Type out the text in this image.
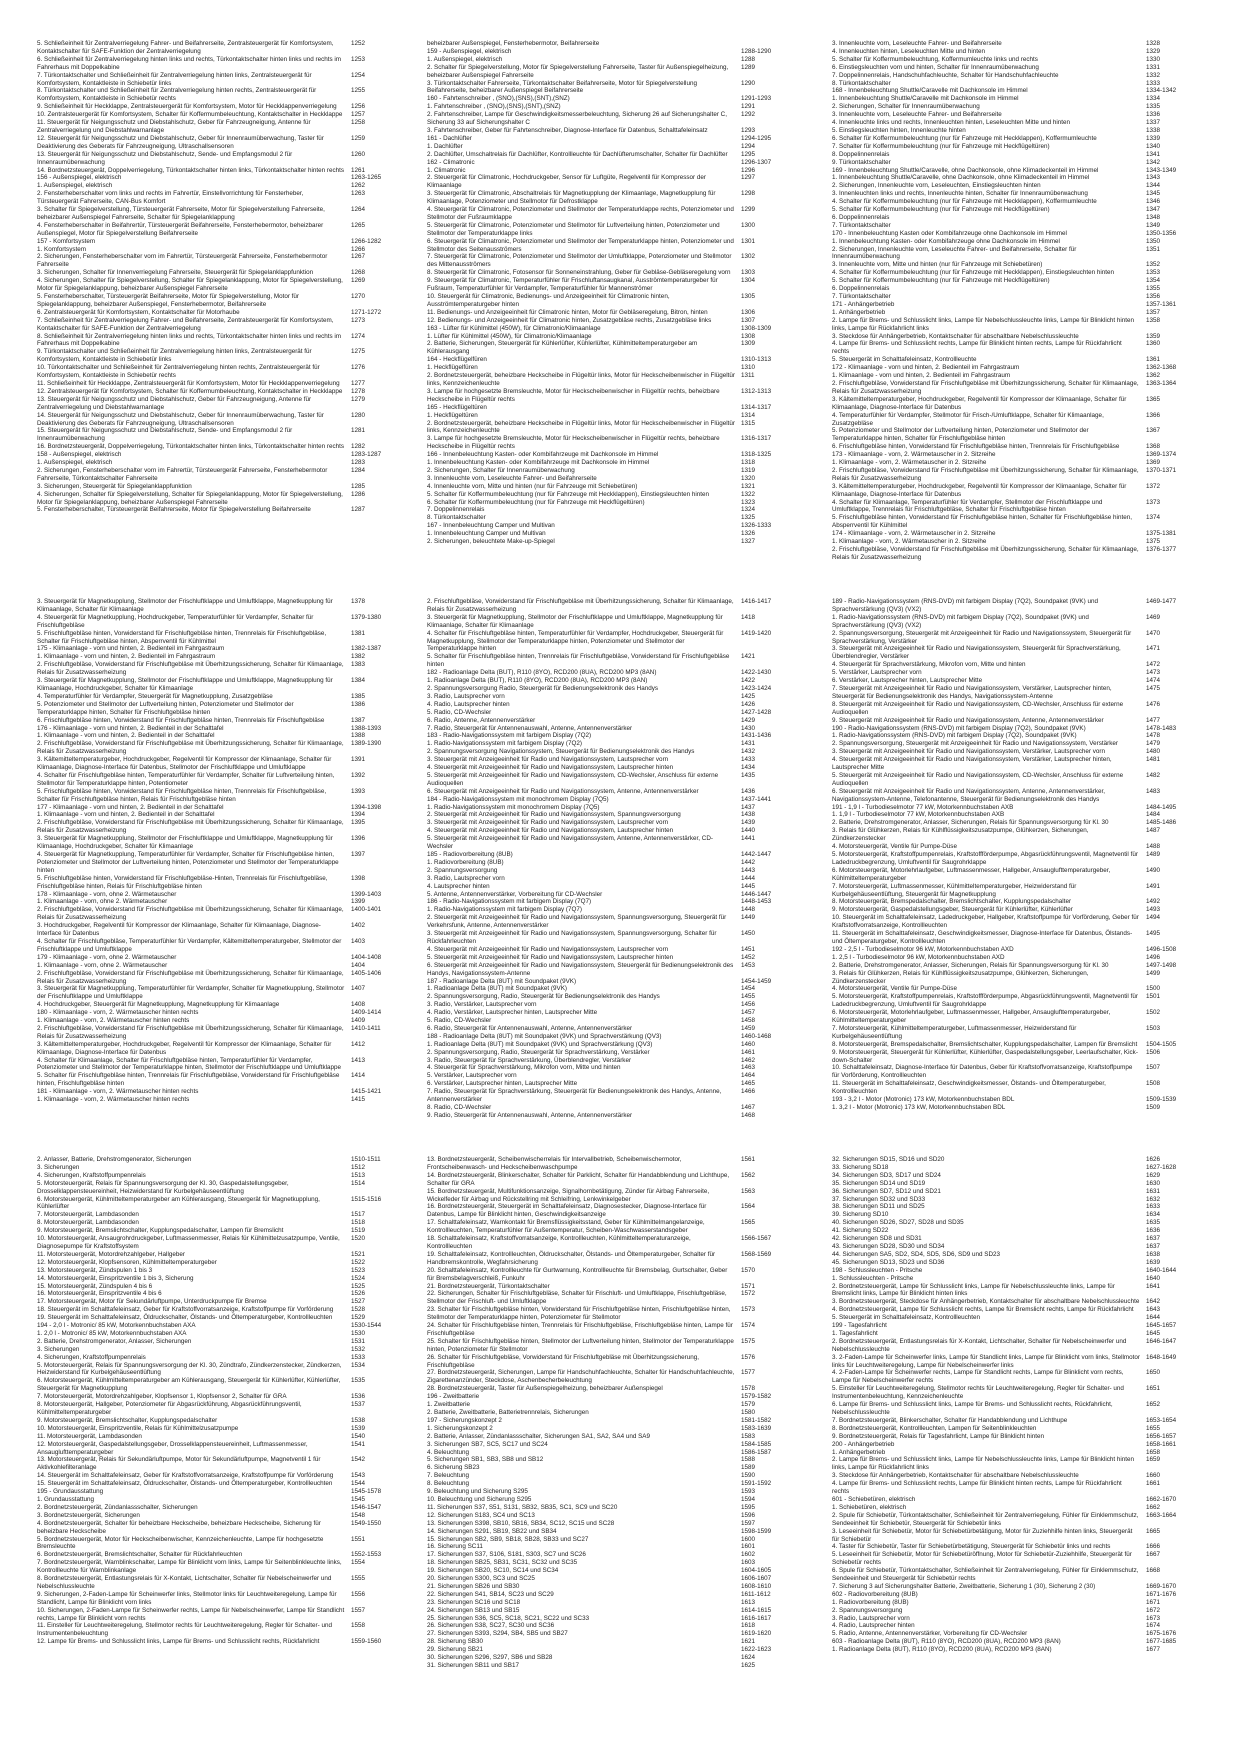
5. Schließeinheit für Zentralverriegelung Fahrer- und Beifahrerseite, Zentralsteuergerät für Komfortsystem, Kontaktschalter für SAFE-Funktion der Zentralverriegelung
1252
6. Schließeinheit für Zentralverriegelung hinten links und rechts, Türkontaktschalter hinten links und rechts im Fahrerhaus mit Doppelkabine
1253
7. Türkontaktschalter und Schließeinheit für Zentralverriegelung hinten links, Zentralsteuergerät für Komfortsystem, Kontaktleiste in Schiebetür links
1254
8. Türkontaktschalter und Schließeinheit für Zentralverriegelung hinten rechts, Zentralsteuergerät für Komfortsystem, Kontaktleiste in Schiebetür rechts
1255
9. Schließeinheit für Heckklappe, Zentralsteuergerät für Komfortsystem, Motor für Heckklappenverriegelung	1256
10. Zentralsteuergerät für Komfortsystem, Schalter für Koffermumbeleuchtung, Kontaktschalter in Heckklappe	1257
11. Steuergerät für Neigungsschutz und Diebstahlschutz, Geber für Fahrzeugneigung, Antenne für Zentralverriegelung und Diebstahlwarnanlage
1258
12. Steuergerät für Neigungsschutz und Diebstahlschutz, Geber für Innenraumüberwachung, Taster für Deaktivierung des Geberats für Fahrzeugneigung, Ultraschallsensoren
1259
13. Steuergerät für Neigungsschutz und Diebstahlschutz, Sende- und Empfangsmodul 2 für Innenraumüberwachung
1260
14. Bordnetzsteuergerät, Doppelverriegelung, Türkontaktschalter hinten links, Türkontaktschalter hinten rechts	1261
156 - Außenspiegel, elektrisch	1263-1265
1. Außenspiegel, elektrisch	1262
2. Fensterheberschalter vorn links und rechts im Fahrertür, Einstellvorrichtung für Fensterheber, Türsteuergerät Fahrerseite, CAN-Bus Komfort
1263
3. Schalter für Spiegelverstellung, Türsteuergerät Fahrerseite, Motor für Spiegelverstellung Fahrerseite, beheizbarer Außenspiegel Fahrerseite, Schalter für Spiegelanklappung
1264
4. Fensterheberschalter in Beifahrertür, Türsteuergerät Beifahrerseite, Fensterhebermotor, beheizbarer Außenspiegel, Motor für Spiegelverstellung Beifahrerseite
1265
157 - Komfortsystem	1266-1282
1. Komfortsystem	1266
2. Sicherungen, Fensterheberschalter vorn im Fahrertür, Türsteuergerät Fahrerseite, Fensterhebermotor Fahrerseite
1267
3. Sicherungen, Schalter für Innenverriegelung Fahrerseite, Steuergerät für Spiegelanklappfunktion	1268
4. Sicherungen, Schalter für Spiegelverstellung, Schalter für Spiegelanklappung, Motor für Spiegelverstellung, Motor für Spiegelanklappung, beheizbarer Außenspiegel Fahrerseite
1269
5. Fensterheberschalter, Türsteuergerät Beifahrerseite, Motor für Spiegelverstellung, Motor für Spiegelanklappung, beheizbarer Außenspiegel, Fensterhebermotor, Beifahrerseite
1270
6. Zentralsteuergerät für Komfortsystem, Kontaktschalter für Motorhaube	1271-1272
7. Schließeinheit für Zentralverriegelung Fahrer- und Beifahrerseite, Zentralsteuergerät für Komfortsystem, Kontaktschalter für SAFE-Funktion der Zentralverriegelung
1273
8. Schließeinheit für Zentralverriegelung hinten links und rechts, Türkontaktschalter hinten links und rechts im Fahrerhaus mit Doppelkabine
1274
9. Türkontaktschalter und Schließeinheit für Zentralverriegelung hinten links, Zentralsteuergerät für Komfortsystem, Kontaktleiste in Schiebetür links
1275
10. Türkontaktschalter und Schließeinheit für Zentralverriegelung hinten rechts, Zentralsteuergerät für Komfortsystem, Kontaktleiste in Schiebetür rechts
1276
11. Schließeinheit für Heckklappe, Zentralsteuergerät für Komfortsystem, Motor für Heckklappenverriegelung	1277
12. Zentralsteuergerät für Komfortsystem, Schalter für Koffermumbeleuchtung, Kontaktschalter in Heckklappe	1278
13. Steuergerät für Neigungsschutz und Diebstahlschutz, Geber für Fahrzeugneigung, Antenne für Zentralverriegelung und Diebstahlwarnanlage
1279
14. Steuergerät für Neigungsschutz und Diebstahlschutz, Geber für Innenraumüberwachung, Taster für Deaktivierung des Geberats für Fahrzeugneigung, Ultraschallsensoren
1280
15. Steuergerät für Neigungsschutz und Diebstahlschutz, Sende- und Empfangsmodul 2 für Innenraumüberwachung
1281
16. Bordnetzsteuergerät, Doppelverriegelung, Türkontaktschalter hinten links, Türkontaktschalter hinten rechts	1282
158 - Außenspiegel, elektrisch	1283-1287
1. Außenspiegel, elektrisch	1283
2. Sicherungen, Fensterheberschalter vorn im Fahrertür, Türsteuergerät Fahrerseite, Fensterhebermotor Fahrerseite, Türkontaktschalter Fahrerseite
1284
3. Sicherungen, Steuergerät für Spiegelanklappfunktion	1285
4. Sicherungen, Schalter für Spiegelverstellung, Schalter für Spiegelanklappung, Motor für Spiegelverstellung, Motor für Spiegelanklappung, beheizbarer Außenspiegel Fahrerseite
1286
5. Fensterheberschalter, Türsteuergerät Beifahrerseite, Motor für Spiegelverstellung Beifahrerseite	1287
beheizbarer Außenspiegel, Fensterhebermotor, Beifahrerseite
159 - Außenspiegel, elektrisch	1288-1290
1. Außenspiegel, elektrisch	1288
2. Schalter für Spiegelverstellung, Motor für Spiegelverstellung Fahrerseite, Taster für Außenspiegelheizung, beheizbarer Außenspiegel Fahrerseite
1289
3. Türkontaktschalter Fahrerseite, Türkontaktschalter Beifahrerseite, Motor für Spiegelverstellung Beifahrerseite, beheizbarer Außenspiegel Beifahrerseite
1290
160 - Fahrtenschreiber , (SNO),(SNS),(SNT),(SNZ)	1291-1293
1. Fahrtenschreiber , (SNO),(SNS),(SNT),(SNZ)	1291
2. Fahrtenschreiber, Lampe für Geschwindigkeitsmesserbeleuchtung, Sicherung 26 auf Sicherungshalter C, Sicherung 33 auf Sicherungshalter C
1292
3. Fahrtenschreiber, Geber für Fahrtenschreiber, Diagnose-Interface für Datenbus, Schalttafeleinsatz	1293
161 - Dachlüfter	1294-1295
1. Dachlüfter	1294
2. Dachlüfter, Umschaltrelais für Dachlüfter, Kontrollleuchte für Dachlüfterumschalter, Schalter für Dachlüfter	1295
162 - Climatronic	1296-1307
1. Climatronic	1296
2. Steuergerät für Climatronic, Hochdruckgeber, Sensor für Luftgüte, Regelventil für Kompressor der Klimaanlage
1297
3. Steuergerät für Climatronic, Abschaltrelais für Magnetkupplung der Klimaanlage, Magnetkupplung für Klimaanlage, Potenziometer und Stellmotor für Defrostklappe
1298
4. Steuergerät für Climatronic, Potenziometer und Stellmotor der Temperaturklappe rechts, Potenziometer und Stellmotor der Fußraumklappe
1299
5. Steuergerät für Climatronic, Potenziometer und Stellmotor für Luftverteilung hinten, Potenziometer und Stellmotor der Temperaturklappe links
1300
6. Steuergerät für Climatronic, Potenziometer und Stellmotor der Temperaturklappe hinten, Potenziometer und Stellmotor des Seitenausströmers
1301
7. Steuergerät für Climatronic, Potenziometer und Stellmotor der Umluftklappe, Potenziometer und Stellmotor des Mittenausströmers
1302
8. Steuergerät für Climatronic, Fotosensor für Sonneneinstrahlung, Geber für Gebläse-Gebläseregelung vorn	1303
9. Steuergerät für Climatronic, Temperaturfühler für Frischluftansaugkanal, Ausströmtemperaturgeber für Fußraum, Temperaturfühler für Verdampfer, Temperaturfühler für Mannenströmer
1304
10. Steuergerät für Climatronic, Bedienungs- und Anzeigeeinheit für Climatronic hinten, Ausströmtemperaturgeber hinten
1305
11. Bedienungs- und Anzeigeeinheit für Climatronic hinten, Motor für Gebläseregelung, Bitron, hinten	1306
12. Bedienungs- und Anzeigeeinheit für Climatronic hinten, Zusatzgebläse rechts, Zusatzgebläse links	1307
163 - Lüfter für Kühlmittel (450W), für Climatronic/Klimaanlage	1308-1309
1. Lüfter für Kühlmittel (450W), für Climatronic/Klimaanlage	1308
2. Batterie, Sicherungen, Steuergerät für Kühlerlüfter, Kühlerlüfter, Kühlmitteltemperaturgeber am Kühlerausgang
1309
164 - Heckflügelfüren	1310-1313
1. Heckflügelfüren	1310
2. Bordnetzsteuergerät, beheizbare Heckscheibe in Flügeltür links, Motor für Heckscheibenwischer in Flügeltür links, Kennzeichenleuchte
1311
3. Lampe für hochgesetzte Bremsleuchte, Motor für Heckscheibenwischer in Flügeltür rechts, beheizbare Heckscheibe in Flügeltür rechts
1312-1313
165 - Heckflügeltüren	1314-1317
1. Heckflügeltüren	1314
2. Bordnetzsteuergerät, beheizbare Heckscheibe in Flügeltür links, Motor für Heckscheibenwischer in Flügeltür links, Kennzeichenleuchte
1315
3. Lampe für hochgesetzte Bremsleuchte, Motor für Heckscheibenwischer in Flügeltür rechts, beheizbare Heckscheibe in Flügeltür rechts
1316-1317
166 - Innenbeleuchtung Kasten- oder Kombifahrzeuge mit Dachkonsole im Himmel	1318-1325
1. Innenbeleuchtung Kasten- oder Kombifahrzeuge mit Dachkonsole im Himmel	1318
2. Sicherungen, Schalter für Innenraumüberwachung	1319
3. Innenleuchte vorn, Leseleuchte Fahrer- und Beifahrerseite	1320
4. Innenleuchte vorn, Mitte und hinten (nur für Fahrzeuge mit Schiebetüren)	1321
5. Schalter für Koffermumbeleuchtung (nur für Fahrzeuge mit Heckklappen), Einstiegsleuchten hinten	1322
6. Schalter für Koffermumbeleuchtung (nur für Fahrzeuge mit Heckflügeltüren)	1323
7. Doppelinnenrelais	1324
8. Türkontaktschalter	1325
167 - Innenbeleuchtung Camper und Multivan	1326-1333
1. Innenbeleuchtung Camper und Multivan	1326
2. Sicherungen, beleuchtete Make-up-Spiegel	1327
3. Innenleuchte vorn, Leseleuchte Fahrer- und Beifahrerseite	1328
4. Innenleuchten hinten, Leseleuchten Mitte und hinten	1329
5. Schalter für Koffermumbeleuchtung, Koffermumleuchte links und rechts	1330
6. Einstiegsleuchten vorn und hinten, Schalter für Innenraumüberwachung	1331
7. Doppelinnenrelais, Handschuhfachleuchte, Schalter für Handschuhfachleuchte	1332
8. Türkontaktschalter	1333
168 - Innenbeleuchtung Shuttle/Caravelle mit Dachkonsole im Himmel	1334-1342
1. Innenbeleuchtung Shuttle/Caravelle mit Dachkonsole im Himmel	1334
2. Sicherungen, Schalter für Innenraumüberwachung	1335
3. Innenleuchte vorn, Leseleuchte Fahrer- und Beifahrerseite	1336
4. Innenleuchte links und rechts, Innenleuchten hinten, Leseleuchten Mitte und hinten	1337
5. Einstiegsleuchten hinten, Innenleuchte hinten	1338
6. Schalter für Koffermumbeleuchtung (nur für Fahrzeuge mit Heckklappen), Koffermumleuchte	1339
7. Schalter für Koffermumbeleuchtung (nur für Fahrzeuge mit Heckflügeltüren)	1340
8. Doppelinnenrelais	1341
9. Türkontaktschalter	1342
169 - Innenbeleuchtung Shuttle/Caravelle, ohne Dachkonsole, ohne Klimadeckenteil im Himmel	1343-1349
1. Innenbeleuchtung Shuttle/Caravelle, ohne Dachkonsole, ohne Klimadeckenteil im Himmel	1343
2. Sicherungen, Innenleuchte vorn, Leseleuchten, Einstiegsleuchten hinten	1344
3. Innenleuchten links und rechts, Innenleuchte hinten, Schalter für Innenraumüberwachung	1345
4. Schalter für Koffermumbeleuchtung (nur für Fahrzeuge mit Heckklappen), Koffermumleuchte	1346
5. Schalter für Koffermumbeleuchtung (nur für Fahrzeuge mit Heckflügeltüren)	1347
6. Doppelinnenrelais	1348
7. Türkontaktschalter	1349
170 - Innenbeleuchtung Kasten oder Kombifahrzeuge ohne Dachkonsole im Himmel	1350-1356
1. Innenbeleuchtung Kasten- oder Kombifahrzeuge ohne Dachkonsole im Himmel	1350
2. Sicherungen, Innenleuchte vorn, Leseleuchte Fahrer- und Beifahrerseite, Schalter für Innenraumüberwachung
1351
3. Innenleuchte vorn, Mitte und hinten (nur für Fahrzeuge mit Schiebetüren)	1352
4. Schalter für Koffermumbeleuchtung (nur für Fahrzeuge mit Heckklappen), Einstiegsleuchten hinten	1353
5. Schalter für Koffermumbeleuchtung (nur für Fahrzeuge mit Heckflügeltüren)	1354
6. Doppelinnenrelais	1355
7. Türkontaktschalter	1356
171 - Anhängerbetrieb	1357-1361
1. Anhängerbetrieb	1357
2. Lampe für Brems- und Schlusslicht links, Lampe für Nebelschlussleuchte links, Lampe für Blinklicht hinten links, Lampe für Rückfahrlicht links
1358
3. Steckdose für Anhängerbetrieb, Kontaktschalter für abschaltbare Nebelschlussleuchte	1359
4. Lampe für Brems- und Schlusslicht rechts, Lampe für Blinklicht hinten rechts, Lampe für Rückfahrlicht rechts
1360
5. Steuergerät im Schalttafeleinsatz, Kontrollleuchte	1361
172 - Klimaanlage - vorn und hinten, 2. Bedienteil im Fahrgastraum	1362-1368
1. Klimaanlage - vorn und hinten, 2. Bedienteil im Fahrgastraum	1362
2. Frischluftgebläse, Vorwiderstand für Frischluftgebläse mit Überhitzungssicherung, Schalter für Klimaanlage, Relais für Zusatzwasserheizung
1363-1364
3. Kältemitteltemperaturgeber, Hochdruckgeber, Regelventil für Kompressor der Klimaanlage, Schalter für Klimaanlage, Diagnose-Interface für Datenbus
1365
4. Temperaturfühler für Verdampfer, Stellmotor für Frisch-/Umluftklappe, Schalter für Klimaanlage, Zusatzgebläse
1366
5. Potenziometer und Stellmotor der Luftverteilung hinten, Potenziometer und Stellmotor der Temperaturklappe hinten, Schalter für Frischluftgebläse hinten
1367
6. Frischluftgebläse hinten, Vorwiderstand für Frischluftgebläse hinten, Trennrelais für Frischluftgebläse	1368
173 - Klimaanlage - vorn, 2. Wärmetauscher in 2. Sitzreihe	1369-1374
1. Klimaanlage - vorn, 2. Wärmetauscher in 2. Sitzreihe	1369
2. Frischluftgebläse, Vorwiderstand für Frischluftgebläse mit Überhitzungssicherung, Schalter für Klimaanlage, Relais für Zusatzwasserheizung
1370-1371
3. Kältemitteltemperaturgeber, Hochdruckgeber, Regelventil für Kompressor der Klimaanlage, Schalter für Klimaanlage, Diagnose-Interface für Datenbus
1372
4. Schalter für Klimaanlage, Temperaturfühler für Verdampfer, Stellmotor der Frischluftklappe und Umluftklappe, Trennrelais für Frischluftgebläse, Schalter für Frischluftgebläse hinten
1373
5. Frischluftgebläse hinten, Vorwiderstand für Frischluftgebläse hinten, Schalter für Frischluftgebläse hinten, Absperrventil für Kühlmittel
1374
174 - Klimaanlage - vorn, 2. Wärmetauscher in 2. Sitzreihe	1375-1381
1. Klimaanlage - vorn, 2. Wärmetauscher in 2. Sitzreihe	1375
2. Frischluftgebläse, Vorwiderstand für Frischluftgebläse mit Überhitzungssicherung, Schalter für Klimaanlage, Relais für Zusatzwasserheizung
1376-1377
3. Steuergerät für Magnetkupplung, Stellmotor der Frischluftklappe und Umluftklappe, Magnetkupplung für Klimaanlage, Schalter für Klimaanlage
1378
4. Steuergerät für Magnetkupplung, Hochdruckgeber, Temperaturfühler für Verdampfer, Schalter für Frischluftgebläse
1379-1380
5. Frischluftgebläse hinten, Vorwiderstand für Frischluftgebläse hinten, Trennrelais für Frischluftgebläse, Schalter für Frischluftgebläse hinten, Absperrventil für Kühlmittel
1381
175 - Klimaanlage - vorn und hinten, 2. Bedienteil im Fahrgastraum	1382-1387
1. Klimaanlage - vorn und hinten, 2. Bedienteil im Fahrgastraum	1382
2. Frischluftgebläse, Vorwiderstand für Frischluftgebläse mit Überhitzungssicherung, Schalter für Klimaanlage, Relais für Zusatzwasserheizung
1383
3. Steuergerät für Magnetkupplung, Stellmotor der Frischluftklappe und Umluftklappe, Magnetkupplung für Klimaanlage, Hochdruckgeber, Schalter für Klimaanlage
1384
4. Temperaturfühler für Verdampfer, Steuergerät für Magnetkupplung, Zusatzgebläse	1385
5. Potenziometer und Stellmotor der Luftverteilung hinten, Potenziometer und Stellmotor der Temperaturklappe hinten, Schalter für Frischluftgebläse hinten
1386
6. Frischluftgebläse hinten, Vorwiderstand für Frischluftgebläse hinten, Trennrelais für Frischluftgebläse	1387
176 - Klimaanlage - vorn und hinten, 2. Bedienteil in der Schalttafel	1388-1393
1. Klimaanlage - vorn und hinten, 2. Bedienteil in der Schalttafel	1388
2. Frischluftgebläse, Vorwiderstand für Frischluftgebläse mit Überhitzungssicherung, Schalter für Klimaanlage, Relais für Zusatzwasserheizung
1389-1390
3. Kältemitteltemperaturgeber, Hochdruckgeber, Regelventil für Kompressor der Klimaanlage, Schalter für Klimaanlage, Diagnose-Interface für Datenbus, Stellmotor der Frischluftklappe und Umluftklappe
1391
4. Schalter für Frischluftgebläse hinten, Temperaturfühler für Verdampfer, Schalter für Luftverteilung hinten, Stellmotor für Temperaturklappe hinten, Potentiometer
1392
5. Frischluftgebläse hinten, Vorwiderstand für Frischluftgebläse hinten, Trennrelais für Frischluftgebläse, Schalter für Frischluftgebläse hinten, Relais für Frischluftgebläse hinten
1393
177 - Klimaanlage - vorn und hinten, 2. Bedienteil in der Schalttafel	1394-1398
1. Klimaanlage - vorn und hinten, 2. Bedienteil in der Schalttafel	1394
2. Frischluftgebläse, Vorwiderstand für Frischluftgebläse mit Überhitzungssicherung, Schalter für Klimaanlage, Relais für Zusatzwasserheizung
1395
3. Steuergerät für Magnetkupplung, Stellmotor der Frischluftklappe und Umluftklappe, Magnetkupplung für Klimaanlage, Hochdruckgeber, Schalter für Klimaanlage
1396
4. Steuergerät für Magnetkupplung, Temperaturfühler für Verdampfer, Schalter für Frischluftgebläse hinten, Potenziometer und Stellmotor der Luftverteilung hinten, Potenziometer und Stellmotor der Temperaturklappe hinten
1397
5. Frischluftgebläse hinten, Vorwiderstand für Frischluftgebläse-Hinten, Trennrelais für Frischluftgebläse, Frischluftgebläse hinten, Relais für Frischluftgebläse hinten
1398
178 - Klimaanlage - vorn, ohne 2. Wärmetauscher	1399-1403
1. Klimaanlage - vorn, ohne 2. Wärmetauscher	1399
2. Frischluftgebläse, Vorwiderstand für Frischluftgebläse mit Überhitzungssicherung, Schalter für Klimaanlage, Relais für Zusatzwasserheizung
1400-1401
3. Hochdruckgeber, Regelventil für Kompressor der Klimaanlage, Schalter für Klimaanlage, Diagnose-Interface für Datenbus
1402
4. Schalter für Frischluftgebläse, Temperaturfühler für Verdampfer, Kältemitteltemperaturgeber, Stellmotor der Frischluftklappe und Umluftklappe
1403
179 - Klimaanlage - vorn, ohne 2. Wärmetauscher	1404-1408
1. Klimaanlage - vorn, ohne 2. Wärmetauscher	1404
2. Frischluftgebläse, Vorwiderstand für Frischluftgebläse mit Überhitzungssicherung, Schalter für Klimaanlage, Relais für Zusatzwasserheizung
1405-1406
3. Steuergerät für Magnetkupplung, Temperaturfühler für Verdampfer, Schalter für Magnetkupplung, Stellmotor der Frischluftklappe und Umluftklappe
1407
4. Hochdruckgeber, Steuergerät für Magnetkupplung, Magnetkupplung für Klimaanlage	1408
180 - Klimaanlage - vorn, 2. Wärmetauscher hinten rechts	1409-1414
1. Klimaanlage - vorn, 2. Wärmetauscher hinten rechts	1409
2. Frischluftgebläse, Vorwiderstand für Frischluftgebläse mit Überhitzungssicherung, Schalter für Klimaanlage, Relais für Zusatzwasserheizung
1410-1411
3. Kältemitteltemperaturgeber, Hochdruckgeber, Regelventil für Kompressor der Klimaanlage, Schalter für Klimaanlage, Diagnose-Interface für Datenbus
1412
4. Schalter für Klimaanlage, Schalter für Frischluftgebläse hinten, Temperaturfühler für Verdampfer, Potenziometer und Stellmotor der Temperaturklappe hinten, Stellmotor der Frischluftklappe und Umluftklappe
1413
5. Schalter für Frischluftgebläse hinten, Trennrelais für Frischluftgebläse, Vorwiderstand für Frischluftgebläse hinten, Frischluftgebläse hinten
1414
181 - Klimaanlage - vorn, 2. Wärmetauscher hinten rechts	1415-1421
1. Klimaanlage - vorn, 2. Wärmetauscher hinten rechts	1415
2. Frischluftgebläse, Vorwiderstand für Frischluftgebläse mit Überhitzungssicherung, Schalter für Klimaanlage, Relais für Zusatzwasserheizung
1416-1417
3. Steuergerät für Magnetkupplung, Stellmotor der Frischluftklappe und Umluftklappe, Magnetkupplung für Klimaanlage, Schalter für Klimaanlage
1418
4. Schalter für Frischluftgebläse hinten, Temperaturfühler für Verdampfer, Hochdruckgeber, Steuergerät für Magnetkupplung, Stellmotor der Temperaturklappe hinten, Potenziometer und Stellmotor der Temperaturklappe hinten
1419-1420
5. Schalter für Frischluftgebläse hinten, Trennrelais für Frischluftgebläse, Vorwiderstand für Frischluftgebläse hinten
1421
182 - Radioanlage Delta (BUT), R110 (8YO), RCD200 (8UA), RCD200 MP3 (8AN)	1422-1430
1. Radioanlage Delta (BUT), R110 (8YO), RCD200 (8UA), RCD200 MP3 (8AN)	1422
2. Spannungsversorgung Radio, Steuergerät für Bedienungselektronik des Handys	1423-1424
3. Radio, Lautsprecher vorn	1425
4. Radio, Lautsprecher hinten	1426
5. Radio, CD-Wechsler	1427-1428
6. Radio, Antenne, Antennenverstärker	1429
7. Radio, Steuergerät für Antennenauswahl, Antenne, Antennenverstärker	1430
183 - Radio-Navigationssystem mit farbigem Display (7Q2)	1431-1436
1. Radio-Navigationssystem mit farbigem Display (7Q2)	1431
2. Spannungsversorgung Navigationssystem, Steuergerät für Bedienungselektronik des Handys	1432
3. Steuergerät mit Anzeigeeinheit für Radio und Navigationssystem, Lautsprecher vorn	1433
4. Steuergerät mit Anzeigeeinheit für Radio und Navigationssystem, Lautsprecher hinten	1434
5. Steuergerät mit Anzeigeeinheit für Radio und Navigationssystem, CD-Wechsler, Anschluss für externe Audioquellen
1435
6. Steuergerät mit Anzeigeeinheit für Radio und Navigationssystem, Antenne, Antennenverstärker	1436
184 - Radio-Navigationssystem mit monochromem Display (7Q5)	1437-1441
1. Radio-Navigationssystem mit monochromem Display (7Q5)	1437
2. Steuergerät mit Anzeigeeinheit für Radio und Navigationssystem, Spannungsversorgung	1438
3. Steuergerät mit Anzeigeeinheit für Radio und Navigationssystem, Lautsprecher vorn	1439
4. Steuergerät mit Anzeigeeinheit für Radio und Navigationssystem, Lautsprecher hinten	1440
5. Steuergerät mit Anzeigeeinheit für Radio und Navigationssystem, Antenne, Antennenverstärker, CD-Wechsler
1441
185 - Radiovorbereitung (8UB)	1442-1447
1. Radiovorbereitung (8UB)	1442
2. Spannungsversorgung	1443
3. Radio, Lautsprecher vorn	1444
4. Lautsprecher hinten	1445
5. Antenne, Antennenverstärker, Vorbereitung für CD-Wechsler	1446-1447
186 - Radio-Navigationssystem mit farbigem Display (7Q7)	1448-1453
1. Radio-Navigationssystem mit farbigem Display (7Q7)	1448
2. Steuergerät mit Anzeigeeinheit für Radio und Navigationssystem, Spannungsversorgung, Steuergerät für Verkehrsfunk, Antenne, Antennenverstärker
1449
3. Steuergerät mit Anzeigeeinheit für Radio und Navigationssystem, Spannungsversorgung, Schalter für Rückfahrleuchten
1450
4. Steuergerät mit Anzeigeeinheit für Radio und Navigationssystem, Lautsprecher vorn	1451
5. Steuergerät mit Anzeigeeinheit für Radio und Navigationssystem, Lautsprecher hinten	1452
6. Steuergerät mit Anzeigeeinheit für Radio und Navigationssystem, Steuergerät für Bedienungselektronik des Handys, Navigationssystem-Antenne
1453
187 - Radioanlage Delta (8UT) mit Soundpaket (9VK)	1454-1459
1. Radioanlage Delta (8UT) mit Soundpaket (9VK)	1454
2. Spannungsversorgung, Radio, Steuergerät für Bedienungselektronik des Handys	1455
3. Radio, Verstärker, Lautsprecher vorn	1456
4. Radio, Verstärker, Lautsprecher hinten, Lautsprecher Mitte	1457
5. Radio, CD-Wechsler	1458
6. Radio, Steuergerät für Antennenauswahl, Antenne, Antennenverstärker	1459
188 - Radioanlage Delta (8UT) mit Soundpaket (9VK) und Sprachverstärkung (QV3)	1460-1468
1. Radioanlage Delta (8UT) mit Soundpaket (9VK) und Sprachverstärkung (QV3)	1460
2. Spannungsversorgung, Radio, Steuergerät für Sprachverstärkung, Verstärker	1461
3. Radio, Steuergerät für Sprachverstärkung, Überblendregler, Verstärker	1462
4. Steuergerät für Sprachverstärkung, Mikrofon vorn, Mitte und hinten	1463
5. Verstärker, Lautsprecher vorn	1464
6. Verstärker, Lautsprecher hinten, Lautsprecher Mitte	1465
7. Radio, Steuergerät für Sprachverstärkung, Steuergerät für Bedienungselektronik des Handys, Antenne, Antennenverstärker
1466
8. Radio, CD-Wechsler	1467
9. Radio, Steuergerät für Antennenauswahl, Antenne, Antennenverstärker	1468
189 - Radio-Navigationssystem (RNS-DVD) mit farbigem Display (7Q2), Soundpaket (9VK) und Sprachverstärkung (QV3) (VX2)
1469-1477
1. Radio-Navigationssystem (RNS-DVD) mit farbigem Display (7Q2), Soundpaket (9VK) und Sprachverstärkung (QV3) (VX2)
1469
2. Spannungsversorgung, Steuergerät mit Anzeigeeinheit für Radio und Navigationssystem, Steuergerät für Sprachverstärkung, Verstärker
1470
3. Steuergerät mit Anzeigeeinheit für Radio und Navigationssystem, Steuergerät für Sprachverstärkung, Überblendregler, Verstärker
1471
4. Steuergerät für Sprachverstärkung, Mikrofon vorn, Mitte und hinten	1472
5. Verstärker, Lautsprecher vorn	1473
6. Verstärker, Lautsprecher hinten, Lautsprecher Mitte	1474
7. Steuergerät mit Anzeigeeinheit für Radio und Navigationssystem, Verstärker, Lautsprecher hinten, Steuergerät für Bedienungselektronik des Handys, Navigationssystem-Antenne
1475
8. Steuergerät mit Anzeigeeinheit für Radio und Navigationssystem, CD-Wechsler, Anschluss für externe Audioquellen
1476
9. Steuergerät mit Anzeigeeinheit für Radio und Navigationssystem, Antenne, Antennenverstärker	1477
190 - Radio-Navigationssystem (RNS-DVD) mit farbigem Display (7Q2), Soundpaket (9VK)	1478-1483
1. Radio-Navigationssystem (RNS-DVD) mit farbigem Display (7Q2), Soundpaket (9VK)	1478
2. Spannungsversorgung, Steuergerät mit Anzeigeeinheit für Radio und Navigationssystem, Verstärker	1479
3. Steuergerät mit Anzeigeeinheit für Radio und Navigationssystem, Verstärker, Lautsprecher vorn	1480
4. Steuergerät mit Anzeigeeinheit für Radio und Navigationssystem, Verstärker, Lautsprecher hinten, Lautsprecher Mitte
1481
5. Steuergerät mit Anzeigeeinheit für Radio und Navigationssystem, CD-Wechsler, Anschluss für externe Audioquellen
1482
6. Steuergerät mit Anzeigeeinheit für Radio und Navigationssystem, Antenne, Antennenverstärker, Navigationssystem-Antenne, Telefonantenne, Steuergerät für Bedienungselektronik des Handys
1483
191 - 1,9 l - Turbodieselmotor 77 kW, Motorkennbuchstaben AXB	1484-1495
1. 1,9 l - Turbodieselmotor 77 kW, Motorkennbuchstaben AXB	1484
2. Batterie, Drehstromgenerator, Anlasser, Sicherungen, Relais für Spannungsversorgung für Kl. 30	1485-1486
3. Relais für Glühkerzen, Relais für Kühlflüssigkeitszusatzpumpe, Glühkerzen, Sicherungen, Zündkerzenstecker
1487
4. Motorsteuergerät, Ventile für Pumpe-Düse	1488
5. Motorsteuergerät, Kraftstoffpumpenrelais, Kraftstoffförderpumpe, Abgasrückführungsventil, Magnetventil für Ladedruckbegrenzung, Umluftventil für Saugrohrklappe
1489
6. Motorsteuergerät, Motorlehrlaufgeber, Luftmassenmesser, Hallgeber, Ansauglufttemperaturgeber, Kühlmitteltemperaturgeber
1490
7. Motorsteuergerät, Luftmassenmesser, Kühlmitteltemperaturgeber, Heizwiderstand für Kurbelgehäuseentlüftung, Steuergerät für Magnetkupplung
1491
8. Motorsteuergerät, Bremspedalschalter, Bremslichtschalter, Kupplungspedalschalter	1492
9. Motorsteuergerät, Gaspedalstellungsgeber, Steuergerät für Kühlerlüfter, Kühlerlüfter	1493
10. Steuergerät im Schalttafeleinsatz, Ladedruckgeber, Hallgeber, Kraftstoffpumpe für Vorförderung, Geber für Kraftstoffvorratsanzeige, Kontrollleuchten
1494
11. Steuergerät im Schalttafeleinsatz, Geschwindigkeitsmesser, Diagnose-Interface für Datenbus, Ölstands-und Öltemperaturgeber, Kontrollleuchten
1495
192 - 2,5 l - Turbodieselmotor 96 kW, Motorkennbuchstaben AXD	1496-1508
1. 2,5 l - Turbodieselmotor 96 kW, Motorkennbuchstaben AXD	1496
2. Batterie, Drehstromgenerator, Anlasser, Sicherungen, Relais für Spannungsversorgung für Kl. 30	1497-1498
3. Relais für Glühkerzen, Relais für Kühlflüssigkeitszusatzpumpe, Glühkerzen, Sicherungen, Zündkerzenstecker
1499
4. Motorsteuergerät, Ventile für Pumpe-Düse	1500
5. Motorsteuergerät, Kraftstoffpumpenrelais, Kraftstoffförderpumpe, Abgasrückführungsventil, Magnetventil für Ladedruckbegrenzung, Umluftventil für Saugrohrklappe
1501
6. Motorsteuergerät, Motorlehrlaufgeber, Luftmassenmesser, Hallgeber, Ansauglufttemperaturgeber, Kühlmitteltemperaturgeber
1502
7. Motorsteuergerät, Kühlmitteltemperaturgeber, Luftmassenmesser, Heizwiderstand für Kurbelgehäuseentlüftung
1503
8. Motorsteuergerät, Bremspedalschalter, Bremslichtschalter, Kupplungspedalschalter, Lampen für Bremslicht	1504-1505
9. Motorsteuergerät, Steuergerät für Kühlerlüfter, Kühlerlüfter, Gaspedalstellungsgeber, Leerlaufschalter, Kick-down-Schalter
1506
10. Schalttafeleinsatz, Diagnose-Interface für Datenbus, Geber für Kraftstoffvorratsanzeige, Kraftstoffpumpe für Vorförderung, Kontrollleuchten
1507
11. Steuergerät im Schalttafeleinsatz, Geschwindigkeitsmesser, Ölstands- und Öltemperaturgeber, Kontrollleuchten
1508
193 - 3,2 l - Motor (Motronic) 173 kW, Motorkennbuchstaben BDL	1509-1539
1. 3,2 l - Motor (Motronic) 173 kW, Motorkennbuchstaben BDL	1509
2. Anlasser, Batterie, Drehstromgenerator, Sicherungen	1510-1511
3. Sicherungen	1512
4. Sicherungen, Kraftstoffpumpenrelais	1513
5. Motorsteuergerät, Relais für Spannungsversorgung der Kl. 30, Gaspedalstellungsgeber, Drosselklappensteuereinheit, Heizwiderstand für Kurbelgehäuseentlüftung
1514
6. Motorsteuergerät, Kühlmitteltemperaturgeber am Kühlerausgang, Steuergerät für Magnetkupplung, Kühlerlüfter
1515-1516
7. Motorsteuergerät, Lambdasonden	1517
8. Motorsteuergerät, Lambdasonden	1518
9. Motorsteuergerät, Bremslichtschalter, Kupplungspedalschalter, Lampen für Bremslicht	1519
10. Motorsteuergerät, Ansaugrohrdruckgeber, Luftmassenmesser, Relais für Kühlmittelzusatzpumpe, Ventile, Diagnosepumpe für Kraftstoffsystem
1520
11. Motorsteuergerät, Motordrehzahlgeber, Hallgeber	1521
12. Motorsteuergerät, Klopfsensoren, Kühlmitteltemperaturgeber	1522
13. Motorsteuergerät, Zündspulen 1 bis 3	1523
14. Motorsteuergerät, Einspritzventile 1 bis 3, Sicherung	1524
15. Motorsteuergerät, Zündspulen 4 bis 6	1525
16. Motorsteuergerät, Einspritzventile 4 bis 6	1526
17. Motorsteuergerät, Motor für Sekundärluftpumpe, Unterdruckpumpe für Bremse	1527
18. Steuergerät im Schalttafeleinsatz, Geber für Kraftstoffvorratsanzeige, Kraftstoffpumpe für Vorförderung	1528
19. Steuergerät im Schalttafeleinsatz, Öldruckschalter, Ölstands- und Öltemperaturgeber, Kontrollleuchten	1529
194 - 2,0 l - Motronic/ 85 kW, Motorkennbuchstaben AXA	1530-1544
1. 2,0 l - Motronic/ 85 kW, Motorkennbuchstaben AXA	1530
2. Batterie, Drehstromgenerator, Anlasser, Sicherungen	1531
3. Sicherungen	1532
4. Sicherungen, Kraftstoffpumpenrelais	1533
5. Motorsteuergerät, Relais für Spannungsversorgung der Kl. 30, Zündtrafo, Zündkerzenstecker, Zündkerzen, Heizwiderstand für Kurbelgehäuseentlüftung
1534
6. Motorsteuergerät, Kühlmitteltemperaturgeber am Kühlerausgang, Steuergerät für Kühlerlüfter, Kühlerlüfter, Steuergerät für Magnetkupplung
1535
7. Motorsteuergerät, Motordrehzahlgeber, Klopfsensor 1, Klopfsensor 2, Schalter für GRA	1536
8. Motorsteuergerät, Hallgeber, Potenziometer für Abgasrückführung, Abgasrückführungsventil, Kühlmitteltemperaturgeber
1537
9. Motorsteuergerät, Bremslichtschalter, Kupplungspedalschalter	1538
10. Motorsteuergerät, Einspritzventile, Relais für Kühlmittelzusatzpumpe	1539
11. Motorsteuergerät, Lambdasonden	1540
12. Motorsteuergerät, Gaspedalstellungsgeber, Drosselklappensteuereinheit, Luftmassenmesser, Ansauglufttemperaturgeber
1541
13. Motorsteuergerät, Relais für Sekundärluftpumpe, Motor für Sekundärluftpumpe, Magnetventil 1 für Aktivkohlefilteranlage
1542
14. Steuergerät im Schalttafeleinsatz, Geber für Kraftstoffvorratsanzeige, Kraftstoffpumpe für Vorförderung	1543
15. Steuergerät im Schalttafeleinsatz, Öldruckschalter, Ölstands- und Öltemperaturgeber, Kontrollleuchten	1544
195 - Grundausstattung	1545-1578
1. Grundausstattung	1545
2. Bordnetzsteuergerät, Zündanlassschalter, Sicherungen	1546-1547
3. Bordnetzsteuergerät, Sicherungen	1548
4. Bordnetzsteuergerät, Schalter für beheizbare Heckscheibe, beheizbare Heckscheibe, Sicherung für beheizbare Heckscheibe
1549-1550
5. Bordnetzsteuergerät, Motor für Heckscheibenwischer, Kennzeichenleuchte, Lampe für hochgesetzte Bremsleuchte
1551
6. Bordnetzsteuergerät, Bremslichtschalter, Schalter für Rückfahrleuchten	1552-1553
7. Bordnetzsteuergerät, Warnblinkschalter, Lampe für Blinklicht vorn links, Lampe für Seitenblinkleuchte links, Kontrollleuchte für Warnblinkanlage
1554
8. Bordnetzsteuergerät, Entlastungsrelais für X-Kontakt, Lichtschalter, Schalter für Nebelscheinwerfer und Nebelschlussleuchte
1555
9. Sicherungen, 2-Faden-Lampe für Scheinwerfer links, Stellmotor links für Leuchtweiteregelung, Lampe für Standlicht, Lampe für Blinklicht vorn links
1556
10. Sicherungen, 2-Faden-Lampe für Scheinwerfer rechts, Lampe für Nebelscheinwerfer, Lampe für Standlicht rechts, Lampe für Blinklicht vorn rechts
1557
11. Einsteller für Leuchtweiteregelung, Stellmotor rechts für Leuchtweiteregelung, Regler für Schalter- und Instrumentenbeleuchtung
1558
12. Lampe für Brems- und Schlusslicht links, Lampe für Brems- und Schlusslicht rechts, Rückfahrlicht	1559-1560
13. Bordnetzsteuergerät, Scheibenwischerrelais für Intervallbetrieb, Scheibenwischermotor, Frontscheibenwasch- und Heckscheibenwaschpumpe
1561
14. Bordnetzsteuergerät, Blinkerschalter, Schalter für Parklicht, Schalter für Handabblendung und Lichthupe, Schalter für GRA
1562
15. Bordnetzsteuergerät, Multifunktionsanzeige, Signalhornbetätigung, Zünder für Airbag Fahrerseite, Wickelfeder für Airbag und Rückstellring mit Schleifring, Lenkwinkelgeber
1563
16. Bordnetzsteuergerät, Steuergerät im Schalttafeleinsatz, Diagnosestecker, Diagnose-Interface für Datenbus, Lampe für Blinklicht hinten, Geschwindigkeitsanzeige
1564
17. Schalttafeleinsatz, Warnkontakt für Bremsflüssigkeitsstand, Geber für Kühlmittelmangelanzeige, Kontrollleuchten, Temperaturfühler für Außentemperatur, Scheiben-Waschwasserstandsgeber
1565
18. Schalttafeleinsatz, Kraftstoffvorratsanzeige, Kontrollleuchten, Kühlmitteltemperaturanzeige, Kontrollleuchten
1566-1567
19. Schalttafeleinsatz, Kontrollleuchten, Öldruckschalter, Ölstands- und Öltemperaturgeber, Schalter für Handbremskontrolle, Wegfahrsicherung
1568-1569
20. Schalttafeleinsatz, Kontrollleuchte für Gurtwarnung, Kontrollleuchte für Bremsbelag, Gurtschalter, Geber für Bremsbelagverschleiß, Funkuhr
1570
21. Bordnetzsteuergerät, Türkontaktschalter	1571
22. Sicherungen, Schalter für Frischluftgebläse, Schalter für Frischluft- und Umluftklappe, Frischluftgebläse, Stellmotor der Frischluft- und Umluftklappe
1572
23. Schalter für Frischluftgebläse hinten, Vorwiderstand für Frischluftgebläse hinten, Frischluftgebläse hinten, Stellmotor der Temperaturklappe hinten, Potenziometer für Stellmotor
1573
24. Schalter für Frischluftgebläse hinten, Trennrelais für Frischluftgebläse, Frischluftgebläse hinten, Lampe für Frischluftgebläse
1574
25. Schalter für Frischluftgebläse hinten, Stellmotor der Luftverteilung hinten, Stellmotor der Temperaturklappe hinten, Potenziometer für Stellmotor
1575
26. Schalter für Frischluftgebläse, Vorwiderstand für Frischluftgebläse mit Überhitzungssicherung, Frischluftgebläse
1576
27. Bordnetzsteuergerät, Sicherungen, Lampe für Handschuhfachleuchte, Schalter für Handschuhfachleuchte, Zigarettenanzünder, Steckdose, Aschenbecherbeleuchtung
1577
28. Bordnetzsteuergerät, Taster für Außenspiegelheizung, beheizbarer Außenspiegel	1578
196 - Zweitbatterie	1579-1582
1. Zweitbatterie	1579
2. Batterie, Zweitbatterie, Batterietrennrelais, Sicherungen	1580
197 - Sicherungskonzept 2	1581-1582
1. Sicherungskonzept 2	1583-1639
2. Batterie, Anlasser, Zündanlassschalter, Sicherungen SA1, SA2, SA4 und SA9	1583
3. Sicherungen SB7, SC5, SC17 und SC24	1584-1585
4. Beleuchtung	1586-1587
5. Sicherungen SB1, SB3, SB8 und SB12	1588
6. Sicherung SB23	1589
7. Beleuchtung	1590
8. Beleuchtung	1591-1592
9. Beleuchtung und Sicherung S295	1593
10. Beleuchtung und Sicherung S295	1594
11. Sicherungen S37, S51, S131, SB32, SB35, SC1, SC9 und SC20	1595
12. Sicherungen S183, SC4 und SC13	1596
13. Sicherungen S398, SB10, SB16, SB34, SC12, SC15 und SC28	1597
14. Sicherungen S291, SB19, SB22 und SB34	1598-1599
15. Sicherungen SB2, SB9, SB18, SB28, SB33 und SC27	1600
16. Sicherung SC11	1601
17. Sicherungen S37, S106, S181, S303, SC7 und SC26	1602
18. Sicherungen SB25, SB31, SC31, SC32 und SC35	1603
19. Sicherungen SB20, SC10, SC14 und SC34	1604-1605
20. Sicherungen S300, SC3 und SC25	1606-1607
21. Sicherungen SB26 und SB30	1608-1610
22. Sicherungen S41, SB14, SC23 und SC29	1611-1612
23. Sicherungen SC16 und SC18	1613
24. Sicherungen SB13 und SB15	1614-1615
25. Sicherungen S36, SC5, SC18, SC21, SC22 und SC33	1616-1617
26. Sicherungen S38, SC27, SC30 und SC36	1618
27. Sicherungen S393, S294, SB4, SB5 und SB27	1619-1620
28. Sicherung SB30	1621
29. Sicherung SB21	1622-1623
30. Sicherungen S296, S297, SB6 und SB28	1624
31. Sicherungen SB11 und SB17	1625
32. Sicherungen SD15, SD16 und SD20	1626
33. Sicherung SD18	1627-1628
34. Sicherungen SD3, SD17 und SD24	1629
35. Sicherungen SD14 und SD19	1630
36. Sicherungen SD7, SD12 und SD21	1631
37. Sicherungen SD32 und SD33	1632
38. Sicherungen SD11 und SD25	1633
39. Sicherung SD10	1634
40. Sicherungen SD26, SD27, SD28 und SD35	1635
41. Sicherung SD22	1636
42. Sicherungen SD8 und SD31	1637
43. Sicherungen SD28, SD30 und SD34	1637
44. Sicherungen SA5, SD2, SD4, SD5, SD6, SD9 und SD23	1638
45. Sicherungen SD13, SD23 und SD36	1639
198 - Schlussleuchten - Pritsche	1640-1644
1. Schlussleuchten - Pritsche	1640
2. Bordnetzsteuergerät, Lampe für Schlusslicht links, Lampe für Nebelschlussleuchte links, Lampe für Bremslicht links, Lampe für Blinklicht hinten links
1641
3. Bordnetzsteuergerät, Steckdose für Anhängerbetrieb, Kontaktschalter für abschaltbare Nebelschlussleuchte	1642
4. Bordnetzsteuergerät, Lampe für Schlusslicht rechts, Lampe für Bremslicht rechts, Lampe für Rückfahrlicht	1643
5. Steuergerät im Schalttafeleinsatz, Kontrollleuchten	1644
199 - Tagesfahrlicht	1645-1657
1. Tagesfahrlicht	1645
2. Bordnetzsteuergerät, Entlastungsrelais für X-Kontakt, Lichtschalter, Schalter für Nebelscheinwerfer und Nebelschlussleuchte
1646-1647
3. 2-Faden-Lampe für Scheinwerfer links, Lampe für Standlicht links, Lampe für Blinklicht vorn links, Stellmotor links für Leuchtweiteregelung, Lampe für Nebelscheinwerfer links
1648-1649
4. 2-Faden-Lampe für Scheinwerfer rechts, Lampe für Standlicht rechts, Lampe für Blinklicht vorn rechts, Lampe für Nebelscheinwerfer rechts
1650
5. Einsteller für Leuchtweiteregelung, Stellmotor rechts für Leuchtweiteregelung, Regler für Schalter- und Instrumentenbeleuchtung, Kennzeichenleuchte
1651
6. Lampe für Brems- und Schlusslicht links, Lampe für Brems- und Schlusslicht rechts, Rückfahrlicht, Nebelschlussleuchte
1652
7. Bordnetzsteuergerät, Blinkerschalter, Schalter für Handabblendung und Lichthupe	1653-1654
8. Bordnetzsteuergerät, Kontrollleuchten, Lampen für Seitenblinkleuchten	1655
9. Bordnetzsteuergerät, Relais für Tagesfahrlicht, Lampe für Blinklicht hinten	1656-1657
200 - Anhängerbetrieb	1658-1661
1. Anhängerbetrieb	1658
2. Lampe für Brems- und Schlusslicht links, Lampe für Nebelschlussleuchte links, Lampe für Blinklicht hinten links, Lampe für Rückfahrlicht links
1659
3. Steckdose für Anhängerbetrieb, Kontaktschalter für abschaltbare Nebelschlussleuchte	1660
4. Lampe für Brems- und Schlusslicht rechts, Lampe für Blinklicht hinten rechts, Lampe für Rückfahrlicht rechts
1661
601 - Schiebetüren, elektrisch	1662-1670
1. Schiebetüren, elektrisch	1662
2. Spule für Schiebetür, Türkontaktschalter, Schließeinheit für Zentralverriegelung, Fühler für Einklemmschutz, Sendeeinheit für Schiebetür, Steuergerät für Schiebetür links
1663-1664
3. Leseeinheit für Schiebetür, Motor für Schiebetürbetätigung, Motor für Zuziehhilfe hinten links, Steuergerät für Schiebetür
1665
4. Taster für Schiebetür, Taster für Schiebetürbetätigung, Steuergerät für Schiebetür links und rechts	1666
5. Leseeinheit für Schiebetür, Motor für Schiebetüröffnung, Motor für Schiebetür-Zuziehhilfe, Steuergerät für Schiebetür rechts
1667
6. Spule für Schiebetür, Türkontaktschalter, Schließeinheit für Zentralverriegelung, Fühler für Einklemmschutz, Sendeeinheit und Steuergerät für Schiebetür rechts
1668
7. Sicherung 3 auf Sicherungshalter Batterie, Zweitbatterie, Sicherung 1 (30), Sicherung 2 (30)	1669-1670
602 - Radiovorbereitung (8UB)	1671-1676
1. Radiovorbereitung (8UB)	1671
2. Spannungsversorgung	1672
3. Radio, Lautsprecher vorn	1673
4. Radio, Lautsprecher hinten	1674
5. Radio, Antenne, Antennenverstärker, Vorbereitung für CD-Wechsler	1675-1676
603 - Radioanlage Delta (8UT), R110 (8YO), RCD200 (8UA), RCD200 MP3 (8AN)	1677-1685
1. Radioanlage Delta (8UT), R110 (8YO), RCD200 (8UA), RCD200 MP3 (8AN)	1677
